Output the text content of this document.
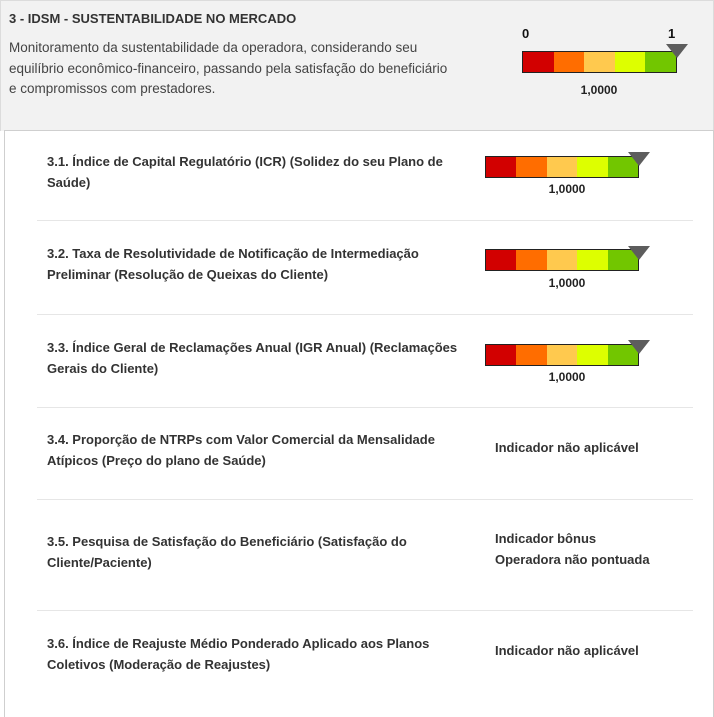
3 - IDSM - SUSTENTABILIDADE NO MERCADO
Monitoramento da sustentabilidade da operadora, considerando seu equilíbrio econômico-financeiro, passando pela satisfação do beneficiário e compromissos com prestadores.
0	1
1,0000
3.1. Índice de Capital Regulatório (ICR) (Solidez do seu Plano de Saúde)	1,0000
3.2. Taxa de Resolutividade de Notificação de Intermediação Preliminar (Resolução de Queixas do Cliente)
1,0000
3.3. Índice Geral de Reclamações Anual (IGR Anual) (Reclamações Gerais do Cliente)
1,0000
3.4. Proporção de NTRPs com Valor Comercial da Mensalidade Atípicos (Preço do plano de Saúde)
Indicador não aplicável
3.5. Pesquisa de Satisfação do Beneficiário (Satisfação do Cliente/Paciente)
Indicador bônus
Operadora não pontuada
3.6. Índice de Reajuste Médio Ponderado Aplicado aos Planos Coletivos (Moderação de Reajustes)
Indicador não aplicável
